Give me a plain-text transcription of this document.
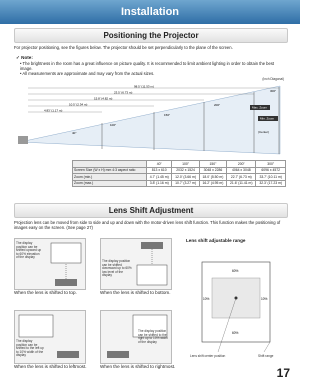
Installation
Positioning the Projector
For projector positioning, see the figures below. The projector should be set perpendicularly to the plane of the screen.
✓ Note:
• The brightness in the room has a great influence on picture quality. It is recommended to limit ambient lighting in order to obtain the best image.
• All measurements are approximate and may vary from the actual sizes.
(Inch Diagonal)
98.5' (11.53 m)
23.5' (6.73 m)
15.8' (4.82 m)
10.5' (2.34 m)
4.83' (1.17 m)
300"
200"
150"
100"
40"
Max. Zoom
Min. Zoom
(Center)
	40"	100"	150"	200"	300"
Screen Size (W x H) mm 4:3 aspect ratio	813 x 610	2032 x 1524	3048 x 2286	4064 x 3048	6096 x 4572
Zoom (min.)	4.7' (1.45 m)	12.0' (3.66 m)	18.0' (5.50 m)	22.7' (6.73 m)	33.7' (10.11 m)
Zoom (max.)	3.8' (1.16 m)	10.7' (3.27 m)	16.2' (4.95 m)	21.6' (11.41 m)	32.3' (17.23 m)
Lens Shift Adjustment
Projection lens can be moved from side to side and up and down with the motor-driven lens shift function. This function makes the positioning of images easy on the screen. (See page 27)
The display position can be shifted upward up to 60% elevation of the display
When the lens is shifted to top.
The display position can be shifted downward up to 60% low level of the display
When the lens is shifted to bottom.
The display position can be shifted to the left up to 10% width of the display
When the lens is shifted to leftmost.
The display position can be shifted to the right up to 10% width of the display
When the lens is shifted to rightmost.
Lens shift adjustable range
60%
60%
10%	10%
Lens shift center position	Shift range
17
